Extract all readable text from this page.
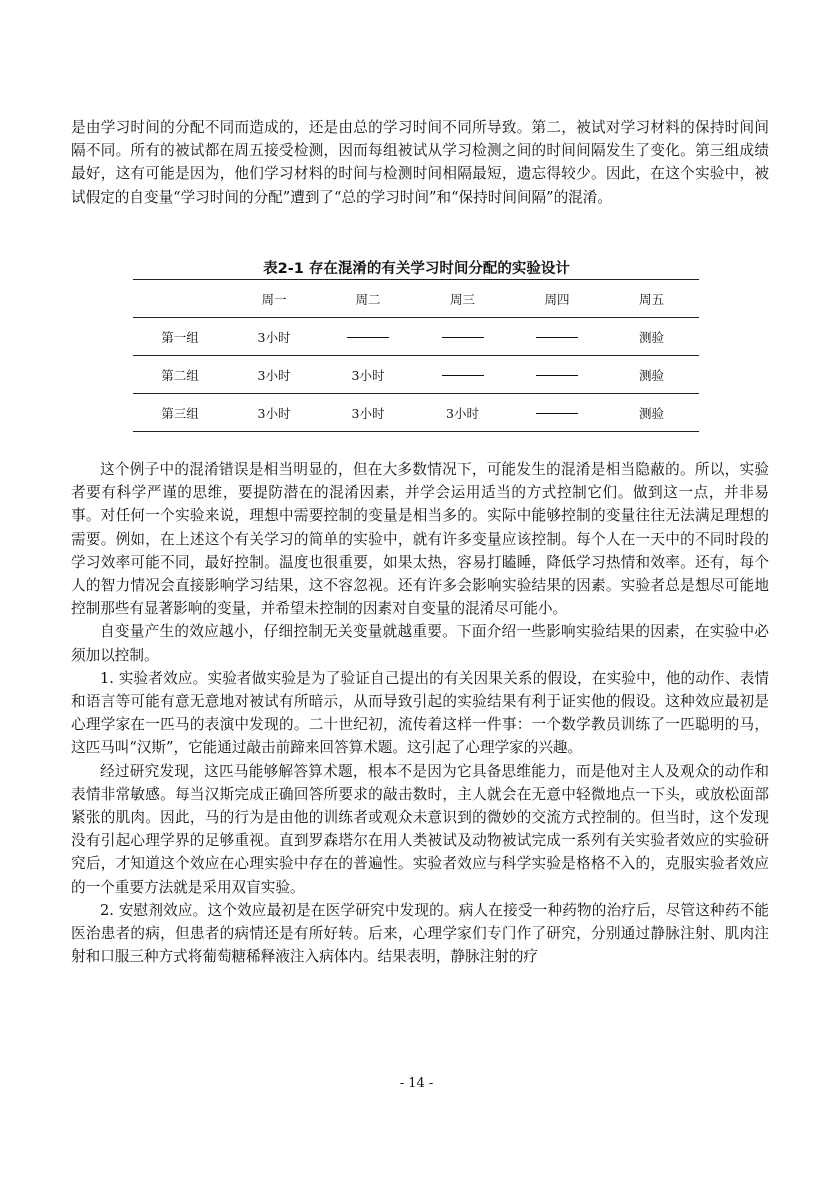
是由学习时间的分配不同而造成的，还是由总的学习时间不同所导致。第二，被试对学习材料的保持时间间隔不同。所有的被试都在周五接受检测，因而每组被试从学习检测之间的时间间隔发生了变化。第三组成绩最好，这有可能是因为，他们学习材料的时间与检测时间相隔最短，遗忘得较少。因此，在这个实验中，被试假定的自变量“学习时间的分配”遭到了“总的学习时间”和“保持时间间隔”的混淆。

表2-1 存在混淆的有关学习时间分配的实验设计
	周一	周二	周三	周四	周五
第一组	3小时				测验
第二组	3小时	3小时			测验
第三组	3小时	3小时	3小时		测验

这个例子中的混淆错误是相当明显的，但在大多数情况下，可能发生的混淆是相当隐蔽的。所以，实验者要有科学严谨的思维，要提防潜在的混淆因素，并学会运用适当的方式控制它们。做到这一点，并非易事。对任何一个实验来说，理想中需要控制的变量是相当多的。实际中能够控制的变量往往无法满足理想的需要。例如，在上述这个有关学习的简单的实验中，就有许多变量应该控制。每个人在一天中的不同时段的学习效率可能不同，最好控制。温度也很重要，如果太热，容易打瞌睡，降低学习热情和效率。还有，每个人的智力情况会直接影响学习结果，这不容忽视。还有许多会影响实验结果的因素。实验者总是想尽可能地控制那些有显著影响的变量，并希望未控制的因素对自变量的混淆尽可能小。

自变量产生的效应越小，仔细控制无关变量就越重要。下面介绍一些影响实验结果的因素，在实验中必须加以控制。

1. 实验者效应。实验者做实验是为了验证自己提出的有关因果关系的假设，在实验中，他的动作、表情和语言等可能有意无意地对被试有所暗示，从而导致引起的实验结果有利于证实他的假设。这种效应最初是心理学家在一匹马的表演中发现的。二十世纪初，流传着这样一件事：一个数学教员训练了一匹聪明的马，这匹马叫“汉斯”，它能通过敲击前蹄来回答算术题。这引起了心理学家的兴趣。

经过研究发现，这匹马能够解答算术题，根本不是因为它具备思维能力，而是他对主人及观众的动作和表情非常敏感。每当汉斯完成正确回答所要求的敲击数时，主人就会在无意中轻微地点一下头，或放松面部紧张的肌肉。因此，马的行为是由他的训练者或观众未意识到的微妙的交流方式控制的。但当时，这个发现没有引起心理学界的足够重视。直到罗森塔尔在用人类被试及动物被试完成一系列有关实验者效应的实验研究后，才知道这个效应在心理实验中存在的普遍性。实验者效应与科学实验是格格不入的，克服实验者效应的一个重要方法就是采用双盲实验。

2. 安慰剂效应。这个效应最初是在医学研究中发现的。病人在接受一种药物的治疗后，尽管这种药不能医治患者的病，但患者的病情还是有所好转。后来，心理学家们专门作了研究，分别通过静脉注射、肌肉注射和口服三种方式将葡萄糖稀释液注入病体内。结果表明，静脉注射的疗

- 14 -
